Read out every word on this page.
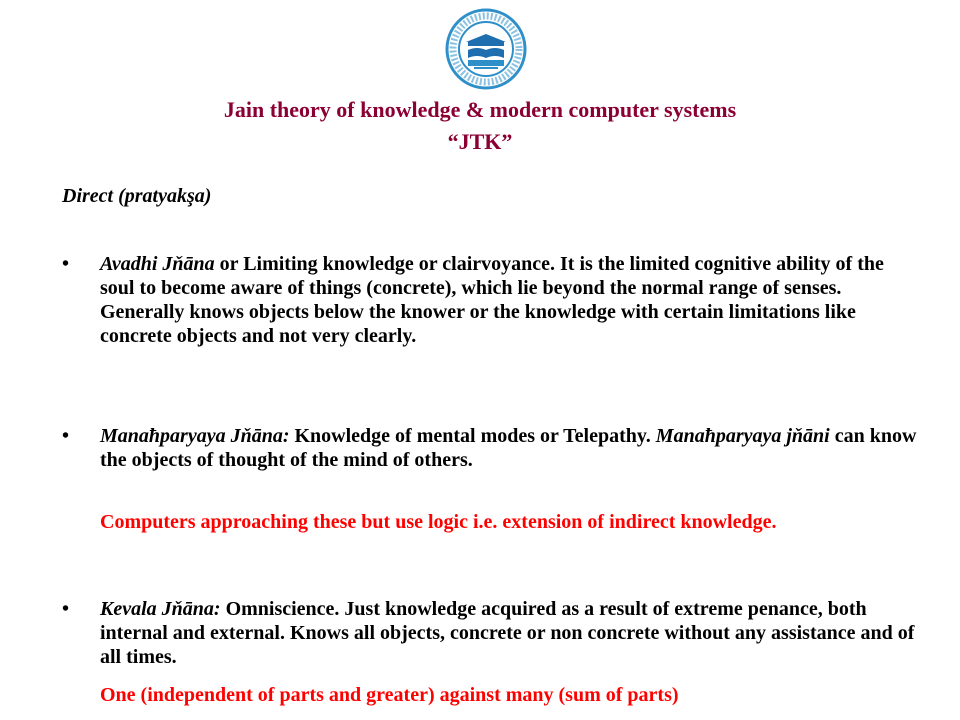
Jain theory of knowledge & modern computer systems
“JTK”
Direct (pratyakşa)
• Avadhi Jňāna or Limiting knowledge or clairvoyance. It is the limited cognitive ability of the soul to become aware of things (concrete), which lie beyond the normal range of senses. Generally knows objects below the knower or the knowledge with certain limitations like concrete objects and not very clearly.
• Manaħparyaya Jňāna: Knowledge of mental modes or Telepathy. Manaħparyaya jňāni can know the objects of thought of the mind of others.
Computers approaching these but use logic i.e. extension of indirect knowledge.
• Kevala Jňāna: Omniscience. Just knowledge acquired as a result of extreme penance, both internal and external. Knows all objects, concrete or non concrete without any assistance and of all times.
One (independent of parts and greater) against many (sum of parts)
